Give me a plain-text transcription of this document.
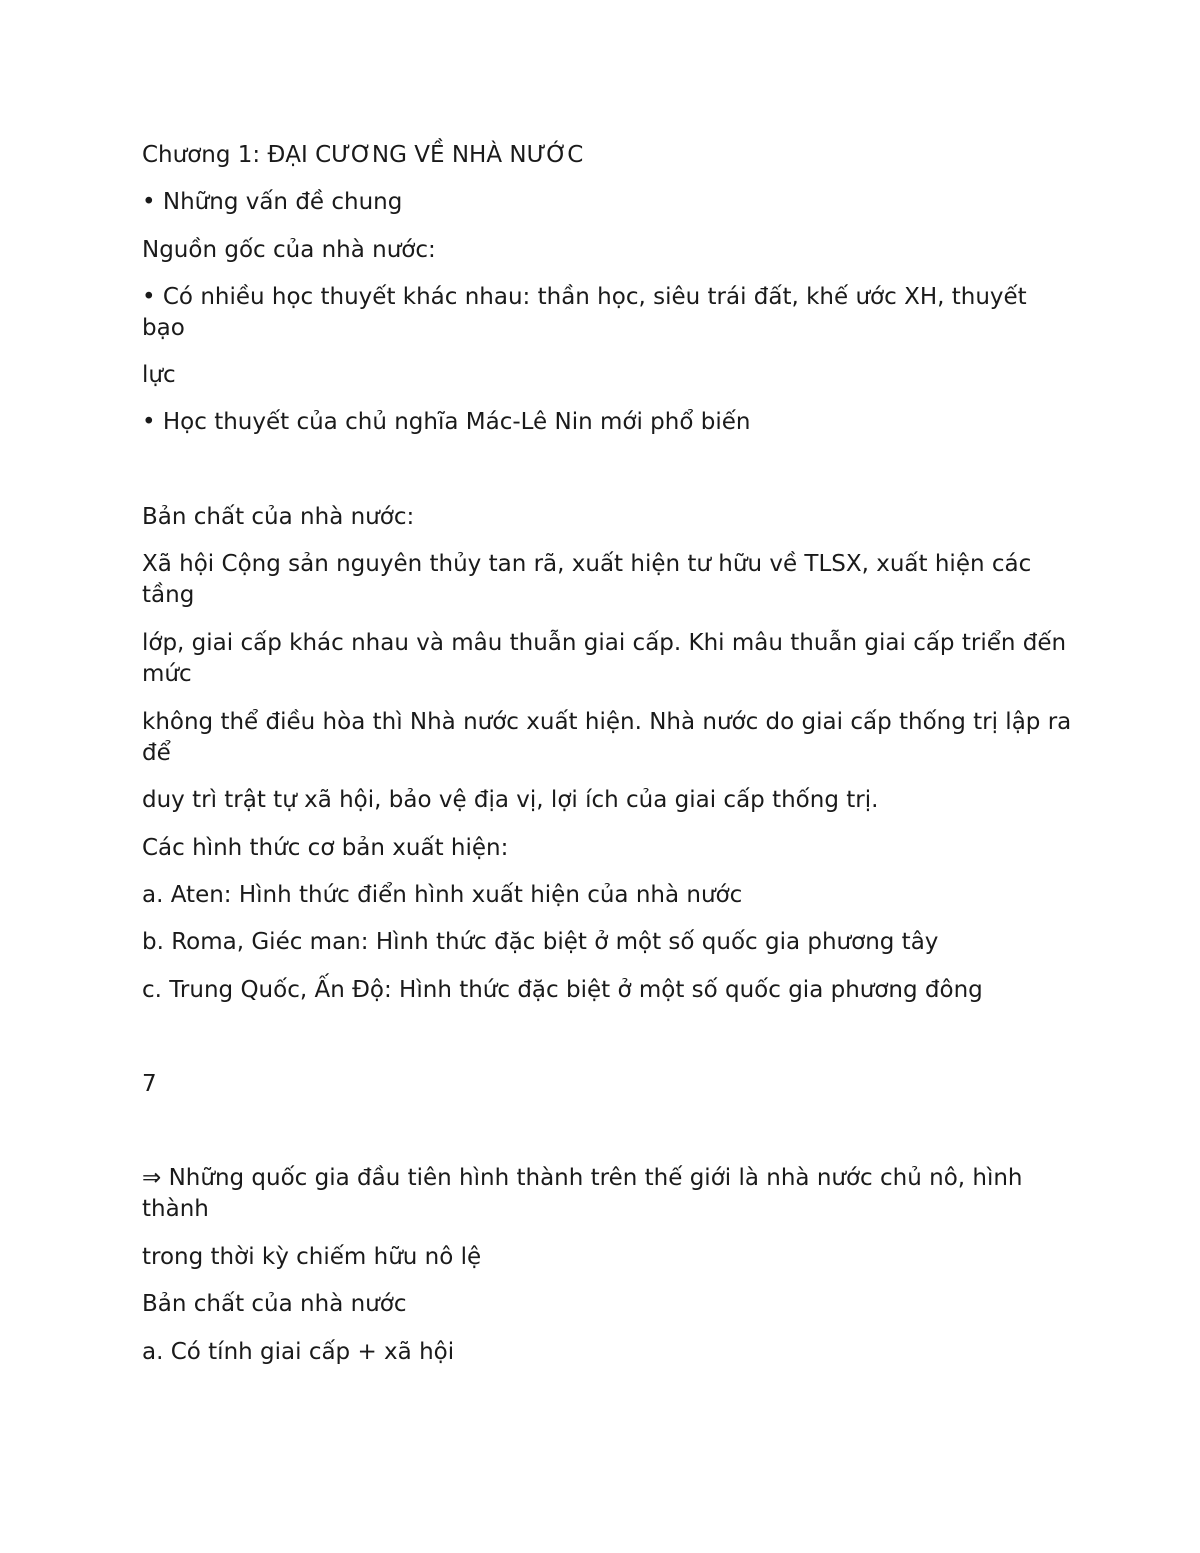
Chương 1: ĐẠI CƯƠNG VỀ NHÀ NƯỚC

• Những vấn đề chung

Nguồn gốc của nhà nước:

• Có nhiều học thuyết khác nhau: thần học, siêu trái đất, khế ước XH, thuyết bạo

lực

• Học thuyết của chủ nghĩa Mác-Lê Nin mới phổ biến

Bản chất của nhà nước:

Xã hội Cộng sản nguyên thủy tan rã, xuất hiện tư hữu về TLSX, xuất hiện các tầng

lớp, giai cấp khác nhau và mâu thuẫn giai cấp. Khi mâu thuẫn giai cấp triển đến mức

không thể điều hòa thì Nhà nước xuất hiện. Nhà nước do giai cấp thống trị lập ra để

duy trì trật tự xã hội, bảo vệ địa vị, lợi ích của giai cấp thống trị.

Các hình thức cơ bản xuất hiện:

a. Aten: Hình thức điển hình xuất hiện của nhà nước

b. Roma, Giéc man: Hình thức đặc biệt ở một số quốc gia phương tây

c. Trung Quốc, Ấn Độ: Hình thức đặc biệt ở một số quốc gia phương đông

7

⇒ Những quốc gia đầu tiên hình thành trên thế giới là nhà nước chủ nô, hình thành

trong thời kỳ chiếm hữu nô lệ

Bản chất của nhà nước

a. Có tính giai cấp + xã hội
